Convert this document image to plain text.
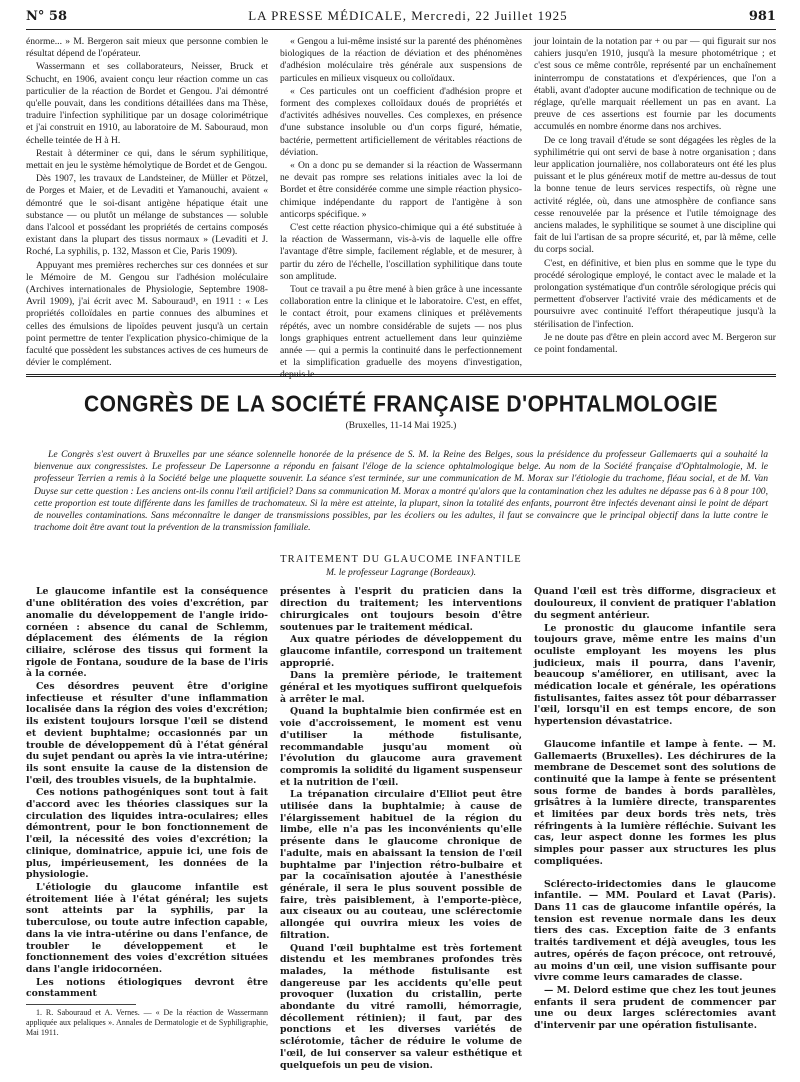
N° 58	LA PRESSE MÉDICALE, Mercredi, 22 Juillet 1925	981

énorme... » M. Bergeron sait mieux que personne combien le résultat dépend de l'opérateur.

Wassermann et ses collaborateurs, Neisser, Bruck et Schucht, en 1906, avaient conçu leur réaction comme un cas particulier de la réaction de Bordet et Gengou. J'ai démontré qu'elle pouvait, dans les conditions détaillées dans ma Thèse, traduire l'infection syphilitique par un dosage colorimétrique et j'ai construit en 1910, au laboratoire de M. Sabouraud, mon échelle teintée de H à H.

Restait à déterminer ce qui, dans le sérum syphilitique, mettait en jeu le système hémolytique de Bordet et de Gengou.

Dès 1907, les travaux de Landsteiner, de Müller et Pötzel, de Porges et Maier, et de Levaditi et Yamanouchi, avaient « démontré que le soi-disant antigène hépatique était une substance — ou plutôt un mélange de substances — soluble dans l'alcool et possédant les propriétés de certains composés existant dans la plupart des tissus normaux » (Levaditi et J. Roché, La syphilis, p. 132, Masson et Cie, Paris 1909).

Appuyant mes premières recherches sur ces données et sur le Mémoire de M. Gengou sur l'adhésion moléculaire (Archives internationales de Physiologie, Septembre 1908-Avril 1909), j'ai écrit avec M. Sabouraud¹, en 1911 : « Les propriétés colloïdales en partie connues des albumines et celles des émulsions de lipoïdes peuvent jusqu'à un certain point permettre de tenter l'explication physico-chimique de la faculté que possèdent les substances actives de ces humeurs de dévier le complément.

« Gengou a lui-même insisté sur la parenté des phénomènes biologiques de la réaction de déviation et des phénomènes d'adhésion moléculaire très générale aux suspensions de particules en milieux visqueux ou colloïdaux.

« Ces particules ont un coefficient d'adhésion propre et forment des complexes colloïdaux doués de propriétés et d'activités adhésives nouvelles. Ces complexes, en présence d'une substance insoluble ou d'un corps figuré, hématie, bactérie, permettent artificiellement de véritables réactions de déviation.

« On a donc pu se demander si la réaction de Wassermann ne devait pas rompre ses relations initiales avec la loi de Bordet et être considérée comme une simple réaction physico-chimique indépendante du rapport de l'antigène à son anticorps spécifique. »

C'est cette réaction physico-chimique qui a été substituée à la réaction de Wassermann, vis-à-vis de laquelle elle offre l'avantage d'être simple, facilement réglable, et de mesurer, à partir du zéro de l'échelle, l'oscillation syphilitique dans toute son amplitude.

Tout ce travail a pu être mené à bien grâce à une incessante collaboration entre la clinique et le laboratoire. C'est, en effet, le contact étroit, pour examens cliniques et prélèvements répétés, avec un nombre considérable de sujets — nos plus longs graphiques entrent actuellement dans leur quinzième année — qui a permis la continuité dans le perfectionnement et la simplification graduelle des moyens d'investigation, depuis le

jour lointain de la notation par + ou par — qui figurait sur nos cahiers jusqu'en 1910, jusqu'à la mesure photométrique ; et c'est sous ce même contrôle, représenté par un enchaînement ininterrompu de constatations et d'expériences, que l'on a établi, avant d'adopter aucune modification de technique ou de réglage, qu'elle marquait réellement un pas en avant. La preuve de ces assertions est fournie par les documents accumulés en nombre énorme dans nos archives.

De ce long travail d'étude se sont dégagées les règles de la syphilimétrie qui ont servi de base à notre organisation ; dans leur application journalière, nos collaborateurs ont été les plus puissant et le plus généreux motif de mettre au-dessus de tout la bonne tenue de leurs services respectifs, où règne une activité réglée, où, dans une atmosphère de confiance sans cesse renouvelée par la présence et l'utile témoignage des anciens malades, le syphilitique se soumet à une discipline qui fait de lui l'artisan de sa propre sécurité, et, par là même, celle du corps social.

C'est, en définitive, et bien plus en somme que le type du procédé sérologique employé, le contact avec le malade et la prolongation systématique d'un contrôle sérologique précis qui permettent d'observer l'activité vraie des médicaments et de poursuivre avec continuité l'effort thérapeutique jusqu'à la stérilisation de l'infection.

Je ne doute pas d'être en plein accord avec M. Bergeron sur ce point fondamental.

CONGRÈS DE LA SOCIÉTÉ FRANÇAISE D'OPHTALMOLOGIE
(Bruxelles, 11-14 Mai 1925.)
Le Congrès s'est ouvert à Bruxelles par une séance solennelle honorée de la présence de S. M. la Reine des Belges, sous la présidence du professeur Gallemaerts qui a souhaité la bienvenue aux congressistes. Le professeur De Lapersonne a répondu en faisant l'éloge de la science ophtalmologique belge. Au nom de la Société française d'Ophtalmologie, M. le professeur Terrien a remis à la Société belge une plaquette souvenir. La séance s'est terminée, sur une communication de M. Morax sur l'étiologie du trachome, fléau social, et de M. Van Duyse sur cette question : Les anciens ont-ils connu l'œil artificiel? Dans sa communication M. Morax a montré qu'alors que la contamination chez les adultes ne dépasse pas 6 à 8 pour 100, cette proportion est toute différente dans les familles de trachomateux. Si la mère est atteinte, la plupart, sinon la totalité des enfants, pourront être infectés devenant ainsi le point de départ de nouvelles contaminations. Sans méconnaître le danger de transmissions possibles, par les écoliers ou les adultes, il faut se convaincre que le principal objectif dans la lutte contre le trachome doit être avant tout la prévention de la transmission familiale.
TRAITEMENT DU GLAUCOME INFANTILE
M. le professeur Lagrange (Bordeaux).

Le glaucome infantile est la conséquence d'une oblitération des voies d'excrétion, par anomalie du développement de l'angle irido-cornéen : absence du canal de Schlemm, déplacement des éléments de la région ciliaire, sclérose des tissus qui forment la rigole de Fontana, soudure de la base de l'iris à la cornée.

Ces désordres peuvent être d'origine infectieuse et résulter d'une inflammation localisée dans la région des voies d'excrétion; ils existent toujours lorsque l'œil se distend et devient buphtalme; occasionnés par un trouble de développement dû à l'état général du sujet pendant ou après la vie intra-utérine; ils sont ensuite la cause de la distension de l'œil, des troubles visuels, de la buphtalmie.

Ces notions pathogéniques sont tout à fait d'accord avec les théories classiques sur la circulation des liquides intra-oculaires; elles démontrent, pour le bon fonctionnement de l'œil, la nécessité des voies d'excrétion; la clinique, dominatrice, appuie ici, une fois de plus, impérieusement, les données de la physiologie.

L'étiologie du glaucome infantile est étroitement liée à l'état général; les sujets sont atteints par la syphilis, par la tuberculose, ou toute autre infection capable, dans la vie intra-utérine ou dans l'enfance, de troubler le développement et le fonctionnement des voies d'excrétion situées dans l'angle iridocornéen.

Les notions étiologiques devront être constamment

1. R. Sabouraud et A. Vernes. — « De la réaction de Wassermann appliquée aux pelaliques ». Annales de Dermatologie et de Syphiligraphie, Mai 1911.

présentes à l'esprit du praticien dans la direction du traitement; les interventions chirurgicales ont toujours besoin d'être soutenues par le traitement médical.

Aux quatre périodes de développement du glaucome infantile, correspond un traitement approprié.

Dans la première période, le traitement général et les myotiques suffiront quelquefois à arrêter le mal.

Quand la buphtalmie bien confirmée est en voie d'accroissement, le moment est venu d'utiliser la méthode fistulisante, recommandable jusqu'au moment où l'évolution du glaucome aura gravement compromis la solidité du ligament suspenseur et la nutrition de l'œil.

La trépanation circulaire d'Elliot peut être utilisée dans la buphtalmie; à cause de l'élargissement habituel de la région du limbe, elle n'a pas les inconvénients qu'elle présente dans le glaucome chronique de l'adulte, mais en abaissant la tension de l'œil buphtalme par l'injection rétro-bulbaire et par la cocaïnisation ajoutée à l'anesthésie générale, il sera le plus souvent possible de faire, très paisiblement, à l'emporte-pièce, aux ciseaux ou au couteau, une sclérectomie allongée qui ouvrira mieux les voies de filtration.

Quand l'œil buphtalme est très fortement distendu et les membranes profondes très malades, la méthode fistulisante est dangereuse par les accidents qu'elle peut provoquer (luxation du cristallin, perte abondante du vitré ramolli, hémorragie, décollement rétinien); il faut, par des ponctions et les diverses variétés de sclérotomie, tâcher de réduire le volume de l'œil, de lui conserver sa valeur esthétique et quelquefois un peu de vision.

Quand l'œil est très difforme, disgracieux et douloureux, il convient de pratiquer l'ablation du segment antérieur.

Le pronostic du glaucome infantile sera toujours grave, même entre les mains d'un oculiste employant les moyens les plus judicieux, mais il pourra, dans l'avenir, beaucoup s'améliorer, en utilisant, avec la médication locale et générale, les opérations fistulisantes, faites assez tôt pour débarrasser l'œil, lorsqu'il en est temps encore, de son hypertension dévastatrice.

Glaucome infantile et lampe à fente. — M. Gallemaerts (Bruxelles). Les déchirures de la membrane de Descemet sont des solutions de continuité que la lampe à fente se présentent sous forme de bandes à bords parallèles, grisâtres à la lumière directe, transparentes et limitées par deux bords très nets, très réfringents à la lumière réfléchie. Suivant les cas, leur aspect donne les formes les plus simples pour passer aux structures les plus compliquées.

Sclérecto-iridectomies dans le glaucome infantile. — MM. Poulard et Lavat (Paris). Dans 11 cas de glaucome infantile opérés, la tension est revenue normale dans les deux tiers des cas. Exception faite de 3 enfants traités tardivement et déjà aveugles, tous les autres, opérés de façon précoce, ont retrouvé, au moins d'un œil, une vision suffisante pour vivre comme leurs camarades de classe.

— M. Delord estime que chez les tout jeunes enfants il sera prudent de commencer par une ou deux larges sclérectomies avant d'intervenir par une opération fistulisante.
